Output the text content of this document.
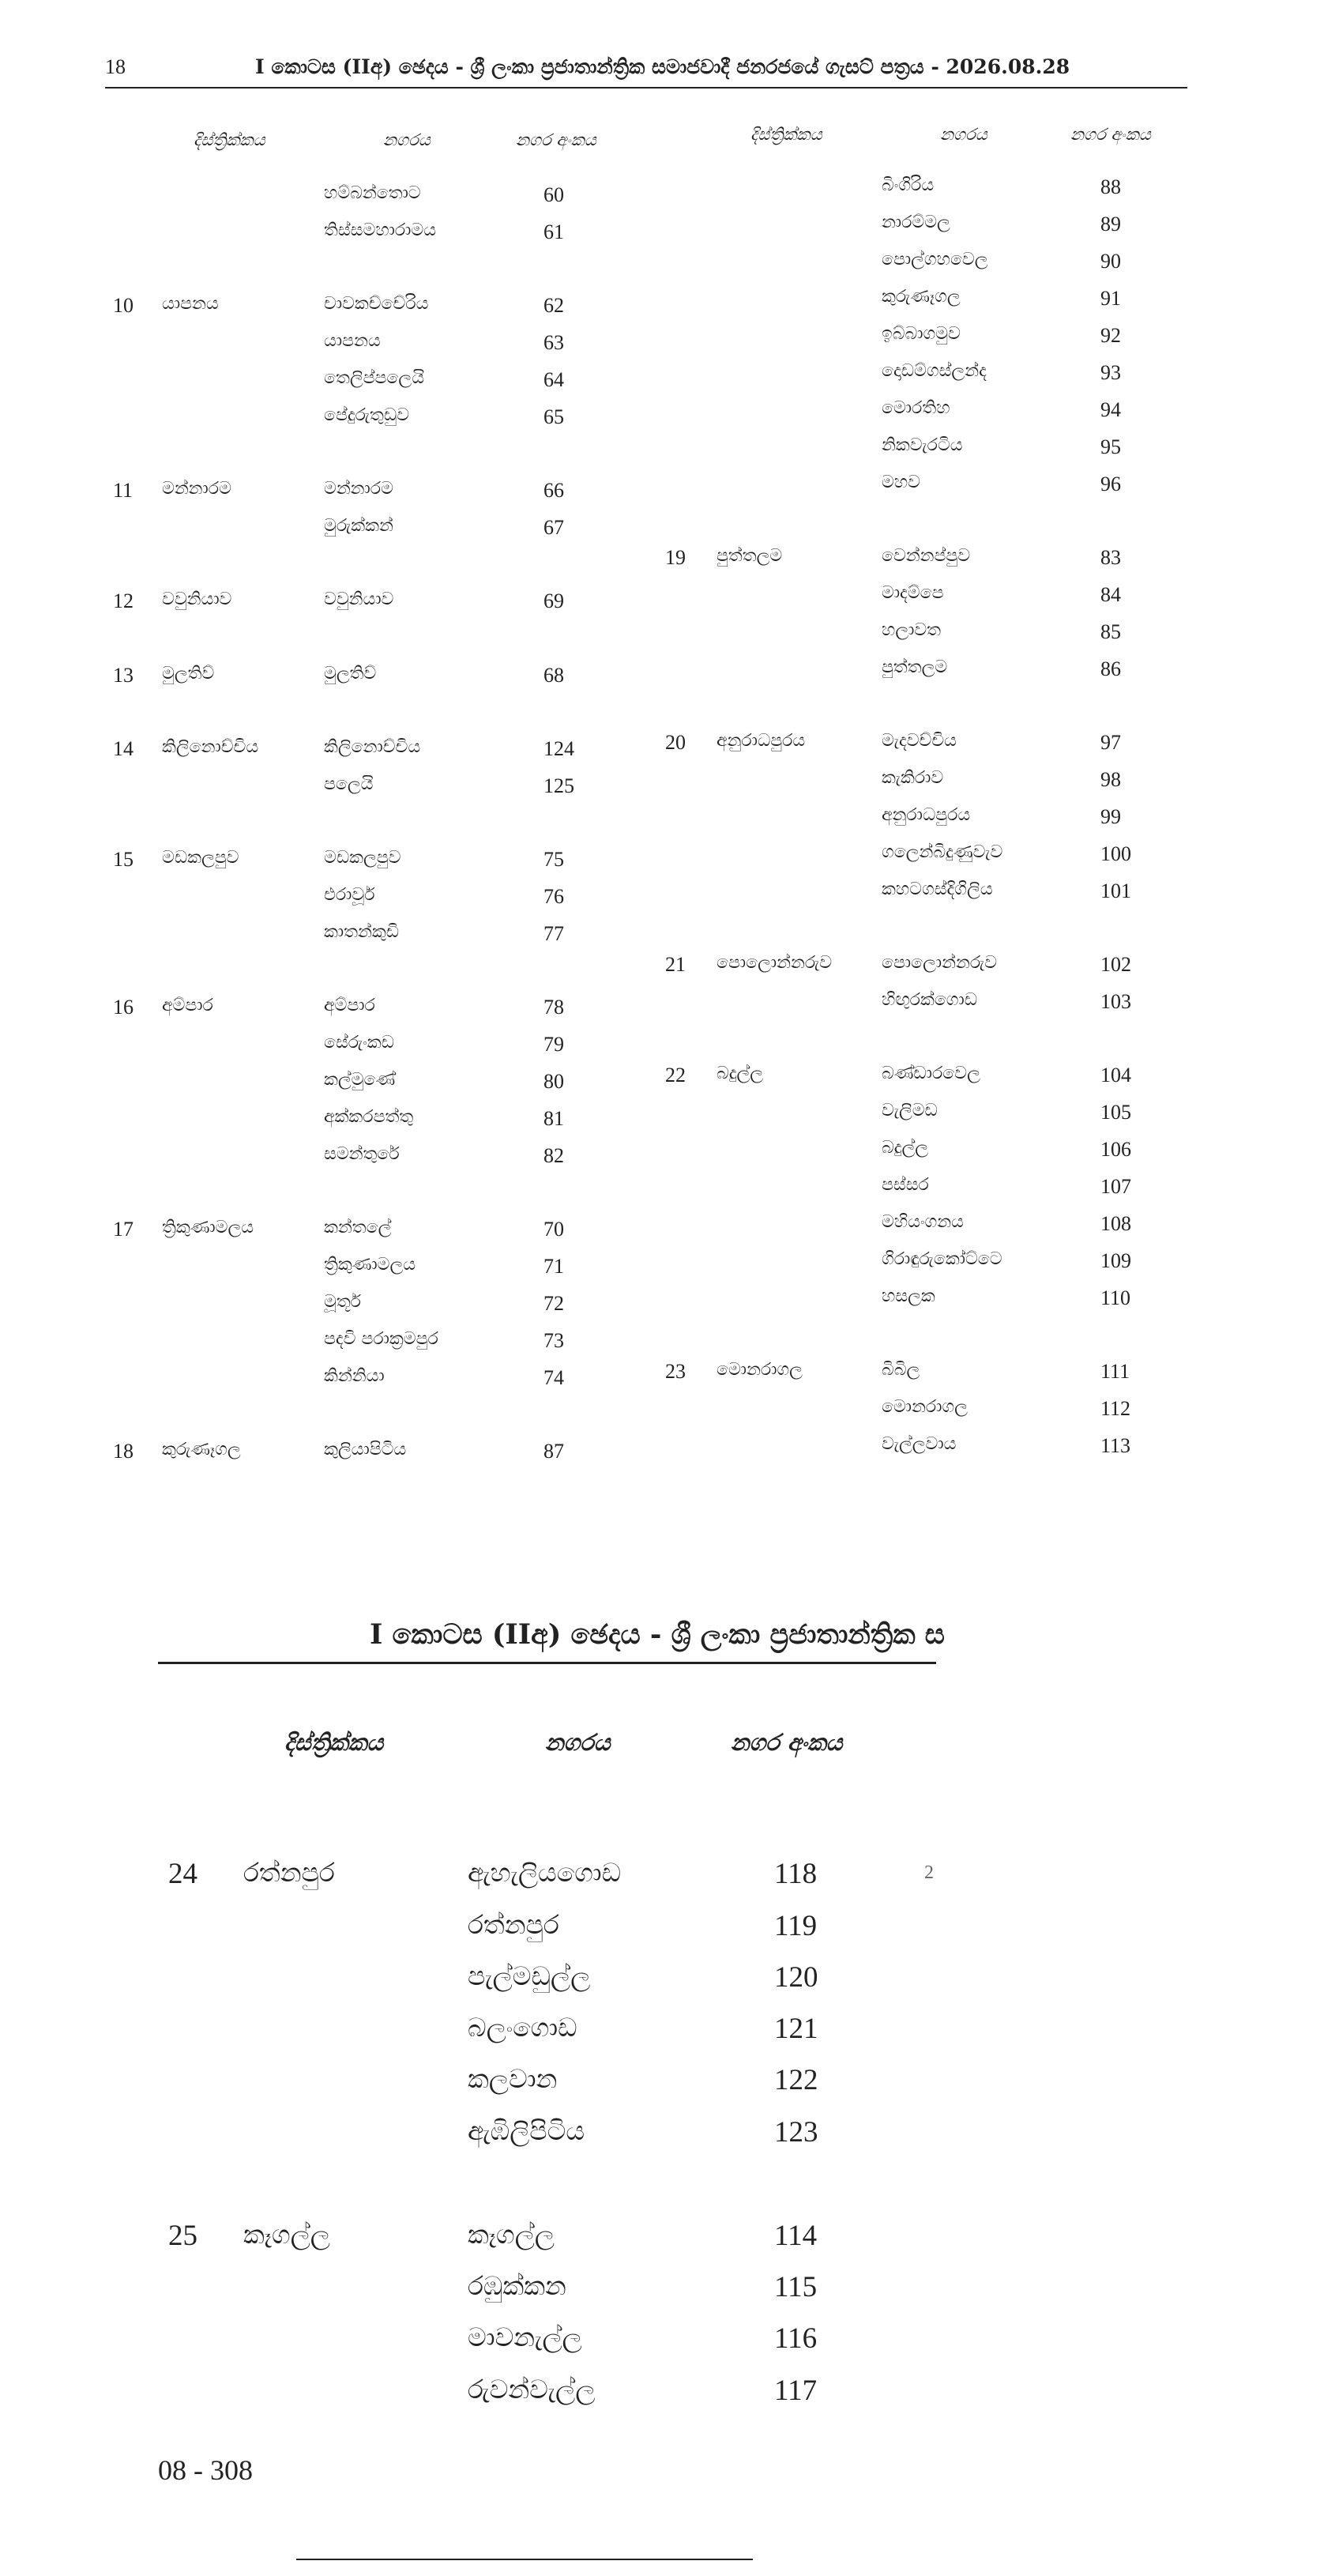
18	I කොටස (IIඅ) ඡෙදය - ශ්‍රී ලංකා ප්‍රජාතාන්ත්‍රික සමාජවාදී ජනරජයේ ගැසට් පත්‍රය - 2026.08.28
දිස්ත්‍රික්කය	නගරය	නගර අංකය	දිස්ත්‍රික්කය	නගරය	නගර අංකය
හම්බන්තොට	60
තිස්සමහාරාමය	61
10 යාපනය	චාවකච්චේරිය	62
යාපනය	63
තෙලිප්පලෙයි	64
පේදුරුතුඩුව	65
11 මන්නාරම	මන්නාරම	66
මුරුක්කන්	67
12 වවුනියාව	වවුනියාව	69
13 මුලතිව්	මුලතිව්	68
14 කිලිනොච්චිය	කිලිනොච්චිය	124
පලෙයි	125
15 මඩකලපුව	මඩකලපුව	75
එරාවූර්	76
කාතන්කුඩි	77
16 අම්පාර	අම්පාර	78
සේරුංකඩ	79
කල්මුණේ	80
අක්කරපත්තු	81
සමන්තුරේ	82
17 ත්‍රිකුණාමලය	කන්තලේ	70
ත්‍රිකුණාමලය	71
මූතූර්	72
පදවි පරාක්‍රමපුර	73
කින්නියා	74
18 කුරුණෑගල	කුලියාපිටිය	87
බිංගිරිය	88
නාරම්මල	89
පොල්ගහවෙල	90
කුරුණෑගල	91
ඉබ්බාගමුව	92
දොඩම්ගස්ලන්ද	93
මොරතිහ	94
නිකවැරටිය	95
මහව	96
19 පුත්තලම	වෙන්නප්පුව	83
මාදම්පෙ	84
හලාවත	85
පුත්තලම	86
20 අනුරාධපුරය	මැදවච්චිය	97
කැකිරාව	98
අනුරාධපුරය	99
ගලෙන්බිදුණුවැව	100
කහටගස්දිගිලිය	101
21 පොලොන්නරුව	පොලොන්නරුව	102
හිඟුරක්ගොඩ	103
22 බදුල්ල	බණ්ඩාරවෙල	104
වැලිමඩ	105
බදුල්ල	106
පස්සර	107
මහියංගනය	108
ගිරාඳුරුකෝට්ටෙ	109
හසලක	110
23 මොනරාගල	බිබිල	111
මොනරාගල	112
වැල්ලවාය	113
I කොටස (IIඅ) ඡෙදය - ශ්‍රී ලංකා ප්‍රජාතාන්ත්‍රික ස
දිස්ත්‍රික්කය	නගරය	නගර අංකය
24 රත්නපුර	ඇහැලියගොඩ	118
රත්නපුර	119
පැල්මඩුල්ල	120
බලංගොඩ	121
කලවාන	122
ඇඹිලිපිටිය	123
25 කෑගල්ල	කෑගල්ල	114
රඹුක්කන	115
මාවනැල්ල	116
රුවන්වැල්ල	117
2
08 - 308
